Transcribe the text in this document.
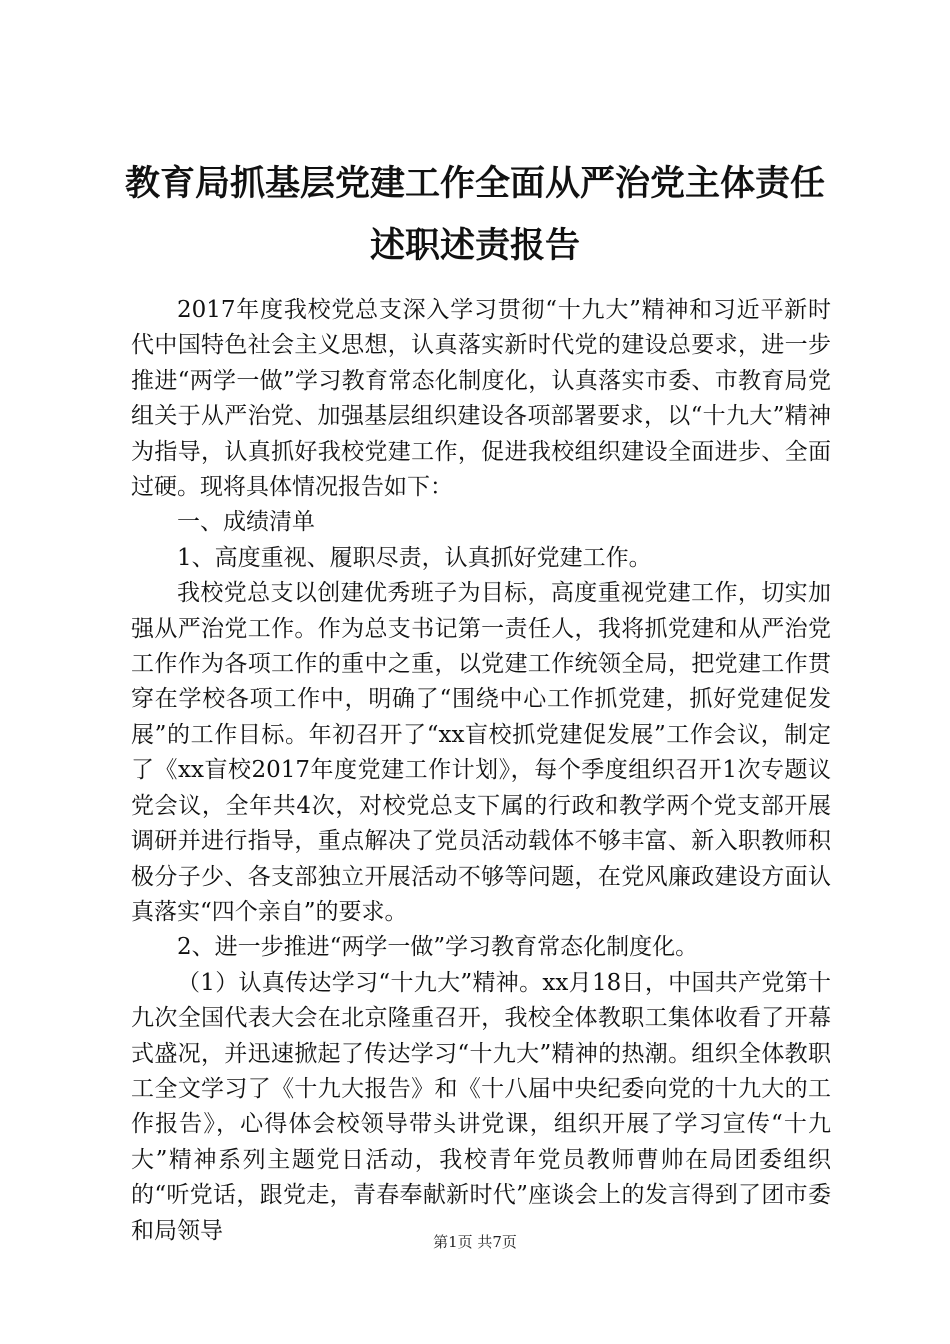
教育局抓基层党建工作全面从严治党主体责任
述职述责报告

2017年度我校党总支深入学习贯彻“十九大”精神和习近平新时代中国特色社会主义思想，认真落实新时代党的建设总要求，进一步推进“两学一做”学习教育常态化制度化，认真落实市委、市教育局党组关于从严治党、加强基层组织建设各项部署要求，以“十九大”精神为指导，认真抓好我校党建工作，促进我校组织建设全面进步、全面过硬。现将具体情况报告如下：

一、成绩清单

1、高度重视、履职尽责，认真抓好党建工作。

我校党总支以创建优秀班子为目标，高度重视党建工作，切实加强从严治党工作。作为总支书记第一责任人，我将抓党建和从严治党工作作为各项工作的重中之重，以党建工作统领全局，把党建工作贯穿在学校各项工作中，明确了“围绕中心工作抓党建，抓好党建促发展”的工作目标。年初召开了“xx盲校抓党建促发展”工作会议，制定了《xx盲校2017年度党建工作计划》，每个季度组织召开1次专题议党会议，全年共4次，对校党总支下属的行政和教学两个党支部开展调研并进行指导，重点解决了党员活动载体不够丰富、新入职教师积极分子少、各支部独立开展活动不够等问题，在党风廉政建设方面认真落实“四个亲自”的要求。

2、进一步推进“两学一做”学习教育常态化制度化。

（1）认真传达学习“十九大”精神。xx月18日，中国共产党第十九次全国代表大会在北京隆重召开，我校全体教职工集体收看了开幕式盛况，并迅速掀起了传达学习“十九大”精神的热潮。组织全体教职工全文学习了《十九大报告》和《十八届中央纪委向党的十九大的工作报告》，心得体会校领导带头讲党课，组织开展了学习宣传“十九大”精神系列主题党日活动，我校青年党员教师曹帅在局团委组织的“听党话，跟党走，青春奉献新时代”座谈会上的发言得到了团市委和局领导	第1页 共7页
